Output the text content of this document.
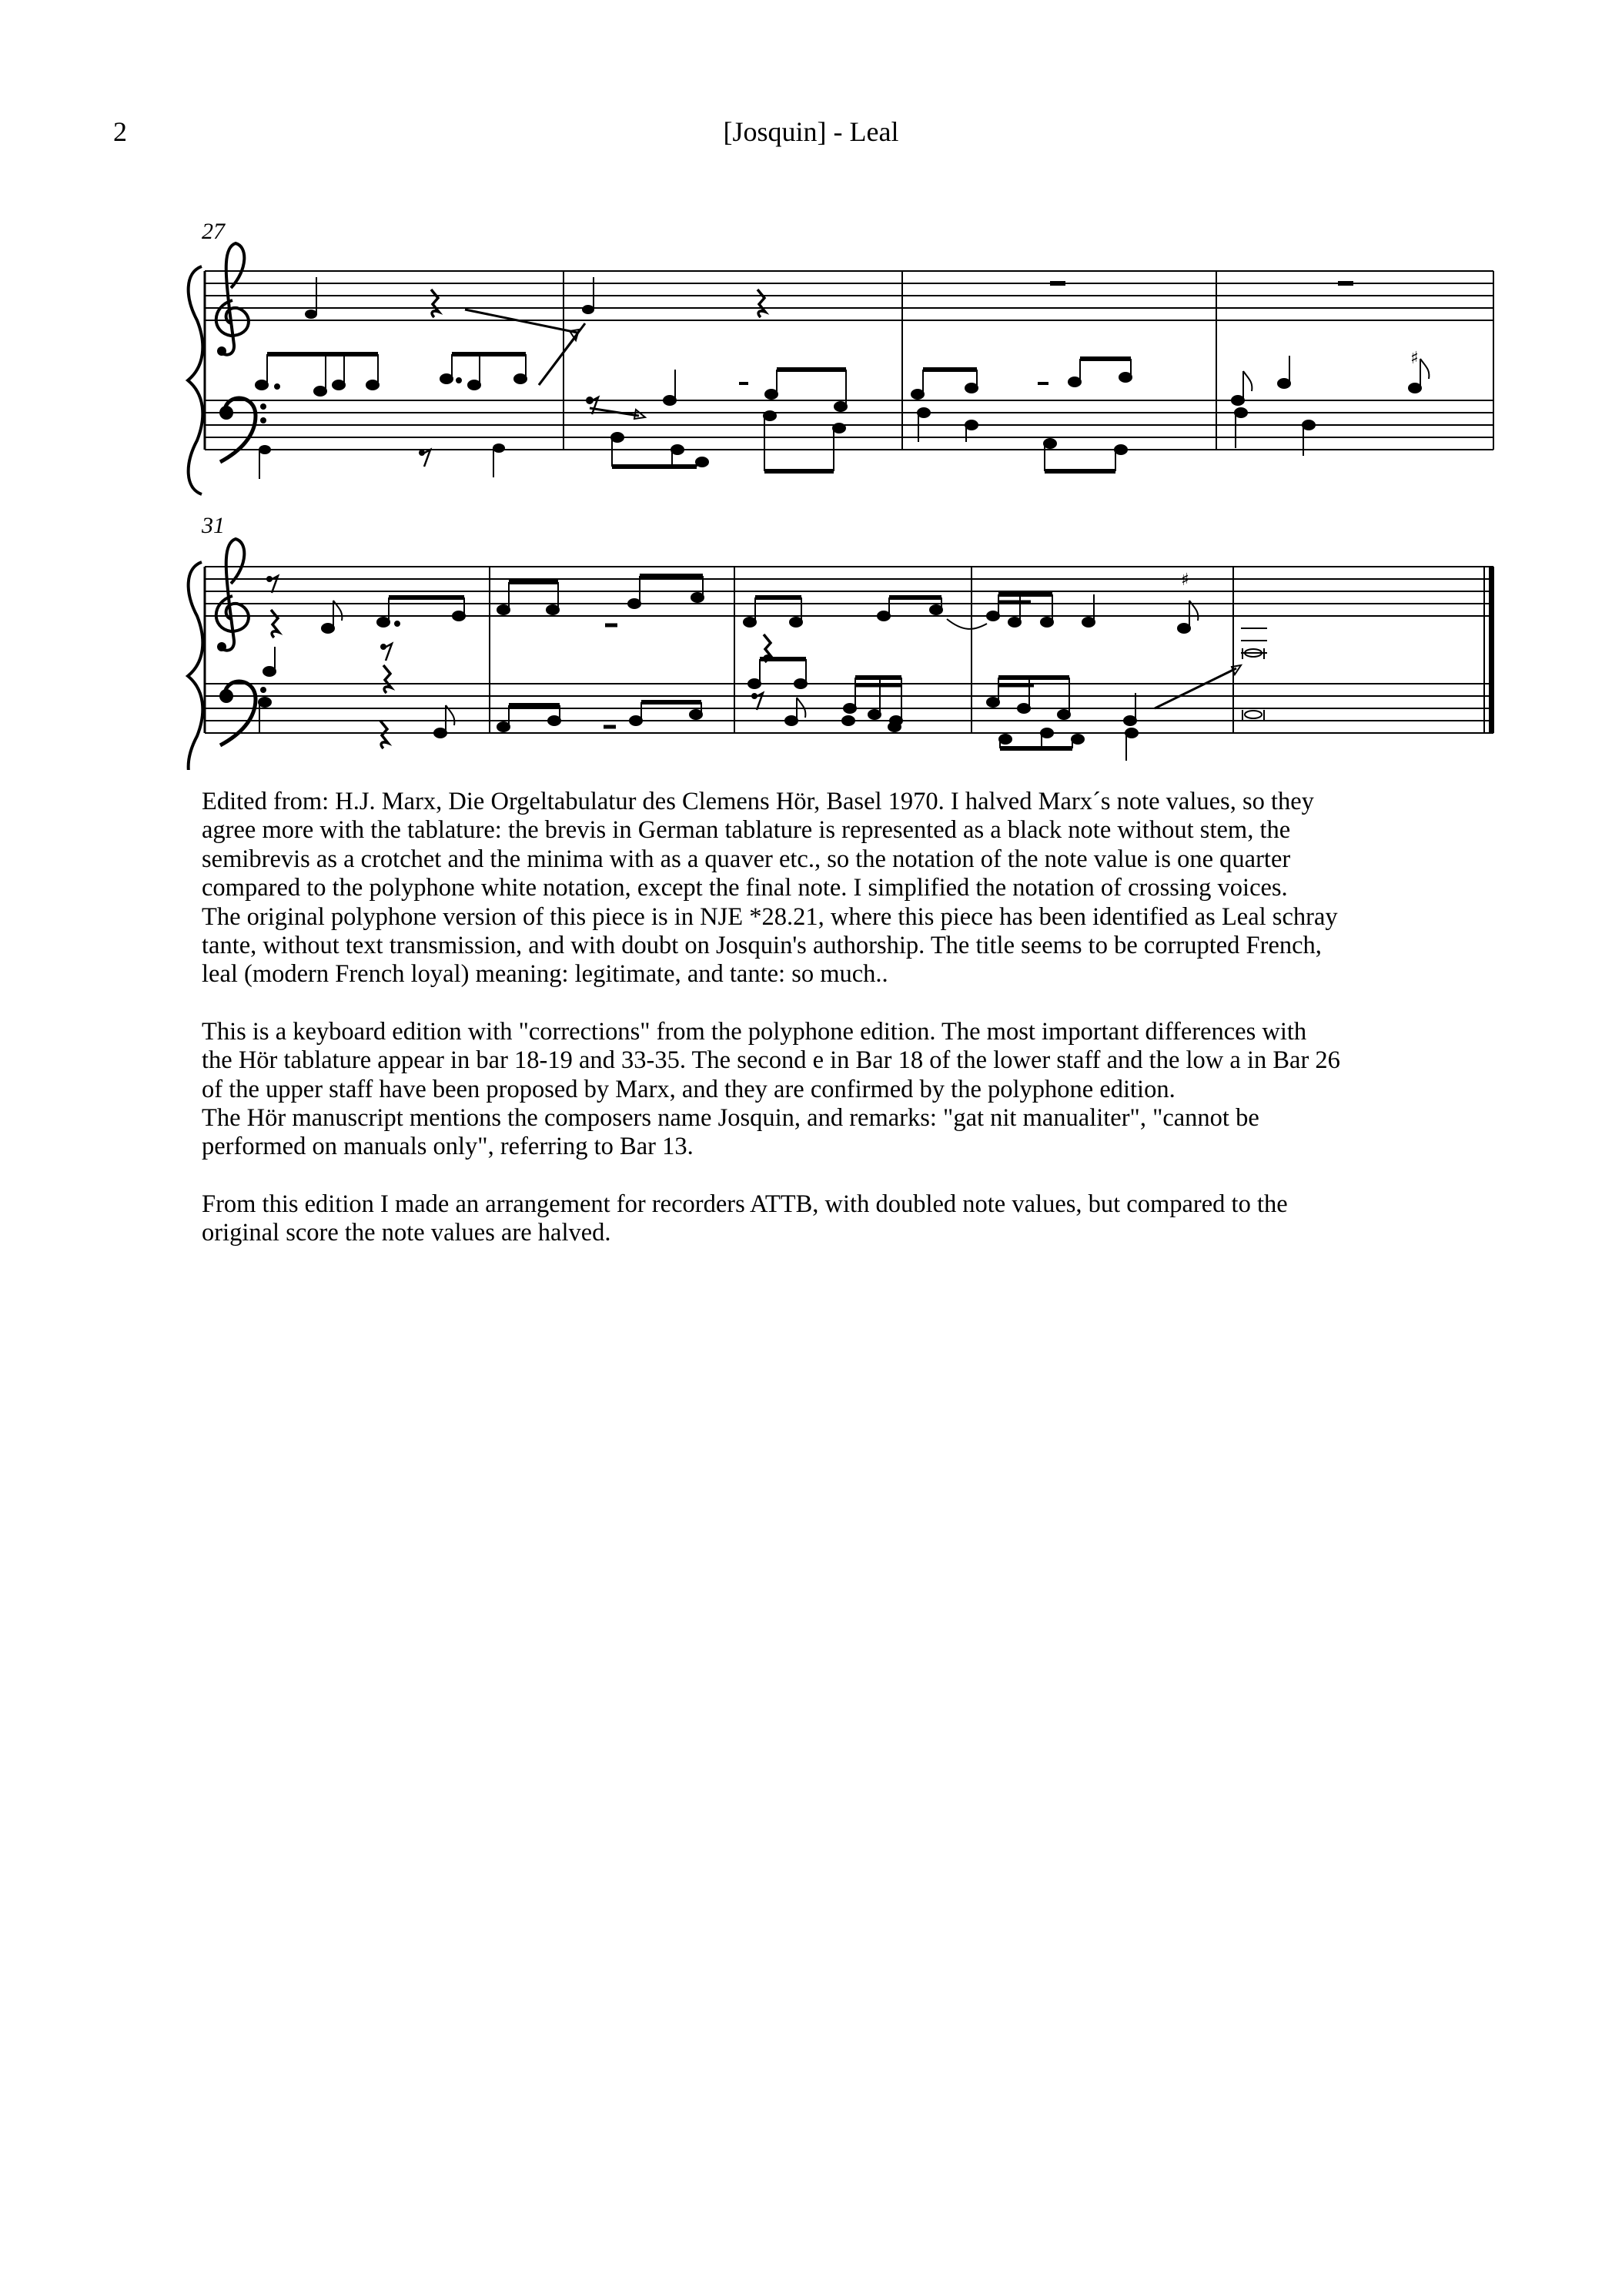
2	[Josquin] - Leal
27
♯
31
♯

Edited from: H.J. Marx, Die Orgeltabulatur des Clemens Hör, Basel 1970. I halved Marx´s note values, so they
agree more with the tablature: the brevis in German tablature is represented as a black note without stem, the
semibrevis as a crotchet and the minima with as a quaver etc., so the notation of the note value is one quarter
compared to the polyphone white notation, except the final note. I simplified the notation of crossing voices.
The original polyphone version of this piece is in NJE *28.21, where this piece has been identified as Leal schray
tante, without text transmission, and with doubt on Josquin's authorship. The title seems to be corrupted French,
leal (modern French loyal) meaning: legitimate, and tante: so much..

This is a keyboard edition with "corrections" from the polyphone edition. The most important differences with
the Hör tablature appear in bar 18-19 and 33-35. The second e in Bar 18 of the lower staff and the low a in Bar 26
of the upper staff have been proposed by Marx, and they are confirmed by the polyphone edition.
The Hör manuscript mentions the composers name Josquin, and remarks: "gat nit manualiter", "cannot be
performed on manuals only", referring to Bar 13.

From this edition I made an arrangement for recorders ATTB, with doubled note values, but compared to the
original score the note values are halved.
